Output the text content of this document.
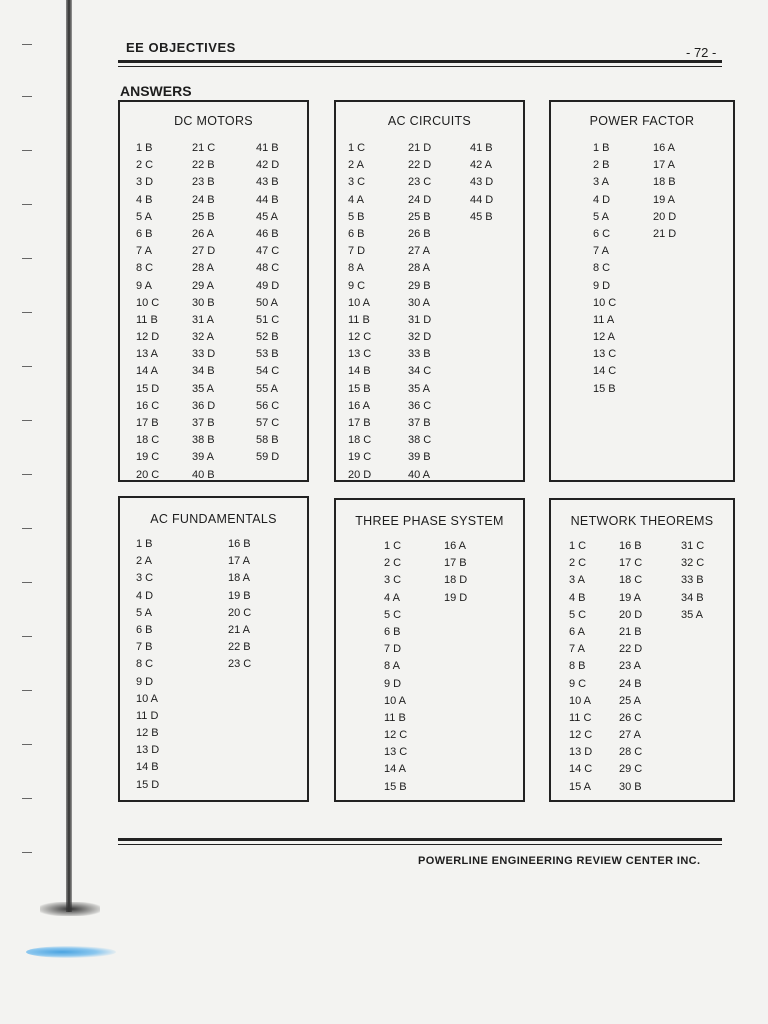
EE OBJECTIVES	- 72 -
ANSWERS
DC MOTORS
1 B
2 C
3 D
4 B
5 A
6 B
7 A
8 C
9 A
10 C
11 B
12 D
13 A
14 A
15 D
16 C
17 B
18 C
19 C
20 C
21 C
22 B
23 B
24 B
25 B
26 A
27 D
28 A
29 A
30 B
31 A
32 A
33 D
34 B
35 A
36 D
37 B
38 B
39 A
40 B
41 B
42 D
43 B
44 B
45 A
46 B
47 C
48 C
49 D
50 A
51 C
52 B
53 B
54 C
55 A
56 C
57 C
58 B
59 D
AC CIRCUITS
1 C
2 A
3 C
4 A
5 B
6 B
7 D
8 A
9 C
10 A
11 B
12 C
13 C
14 B
15 B
16 A
17 B
18 C
19 C
20 D
21 D
22 D
23 C
24 D
25 B
26 B
27 A
28 A
29 B
30 A
31 D
32 D
33 B
34 C
35 A
36 C
37 B
38 C
39 B
40 A
41 B
42 A
43 D
44 D
45 B
POWER FACTOR
1 B
2 B
3 A
4 D
5 A
6 C
7 A
8 C
9 D
10 C
11 A
12 A
13 C
14 C
15 B
16 A
17 A
18 B
19 A
20 D
21 D
AC FUNDAMENTALS
1 B
2 A
3 C
4 D
5 A
6 B
7 B
8 C
9 D
10 A
11 D
12 B
13 D
14 B
15 D
16 B
17 A
18 A
19 B
20 C
21 A
22 B
23 C
THREE PHASE SYSTEM
1 C
2 C
3 C
4 A
5 C
6 B
7 D
8 A
9 D
10 A
11 B
12 C
13 C
14 A
15 B
16 A
17 B
18 D
19 D
NETWORK THEOREMS
1 C
2 C
3 A
4 B
5 C
6 A
7 A
8 B
9 C
10 A
11 C
12 C
13 D
14 C
15 A
16 B
17 C
18 C
19 A
20 D
21 B
22 D
23 A
24 B
25 A
26 C
27 A
28 C
29 C
30 B
31 C
32 C
33 B
34 B
35 A
POWERLINE ENGINEERING REVIEW CENTER INC.
